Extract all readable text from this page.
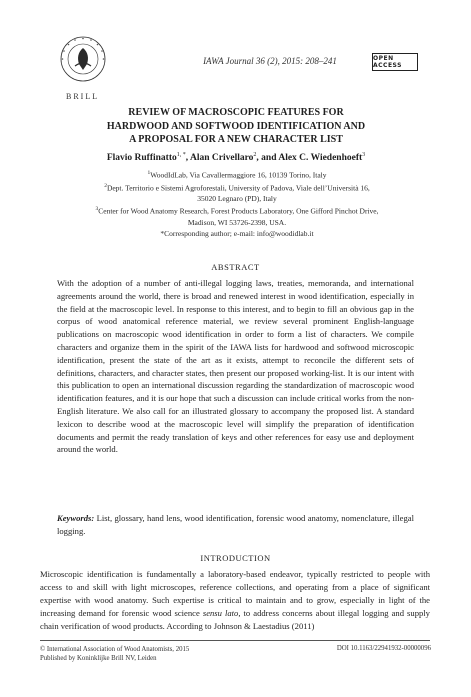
BRILL
IAWA Journal 36 (2), 2015: 208–241	OPEN ACCESS
REVIEW OF MACROSCOPIC FEATURES FOR
HARDWOOD AND SOFTWOOD IDENTIFICATION AND
A PROPOSAL FOR A NEW CHARACTER LIST
Flavio Ruffinatto$^{1, *}$, Alan Crivellaro$^2$, and Alex C. Wiedenhoeft$^3$
$^1$WoodIdLab, Via Cavallermaggiore 16, 10139 Torino, Italy
$^2$Dept. Territorio e Sistemi Agroforestali, University of Padova, Viale dell’Università 16,
35020 Legnaro (PD), Italy
$^3$Center for Wood Anatomy Research, Forest Products Laboratory, One Gifford Pinchot Drive,
Madison, WI 53726-2398, USA.
*Corresponding author; e-mail: info@woodidlab.it
ABSTRACT
With the adoption of a number of anti-illegal logging laws, treaties, memoranda, and international agreements around the world, there is broad and renewed interest in wood identification, especially in the field at the macroscopic level. In response to this interest, and to begin to fill an obvious gap in the corpus of wood anatomical reference material, we review several prominent English-language publications on macroscopic wood identification in order to form a list of characters. We compile characters and organize them in the spirit of the IAWA lists for hardwood and softwood microscopic identification, present the state of the art as it exists, attempt to reconcile the different sets of definitions, characters, and character states, then present our proposed working-list. It is our intent with this publication to open an international discussion regarding the standardization of macroscopic wood identification features, and it is our hope that such a discussion can include critical works from the non-English literature. We also call for an illustrated glossary to accompany the proposed list. A standard lexicon to describe wood at the macroscopic level will simplify the preparation of identification documents and permit the ready translation of keys and other references for easy use and deployment around the world.
Keywords: List, glossary, hand lens, wood identification, forensic wood anatomy, nomenclature, illegal logging.
INTRODUCTION
Microscopic identification is fundamentally a laboratory-based endeavor, typically restricted to people with access to and skill with light microscopes, reference collections, and operating from a place of significant expertise with wood anatomy. Such expertise is critical to maintain and to grow, especially in light of the increasing demand for forensic wood science sensu lato, to address concerns about illegal logging and supply chain verification of wood products. According to Johnson & Laestadius (2011)
© International Association of Wood Anatomists, 2015
Published by Koninklijke Brill NV, Leiden
DOI 10.1163/22941932-00000096
